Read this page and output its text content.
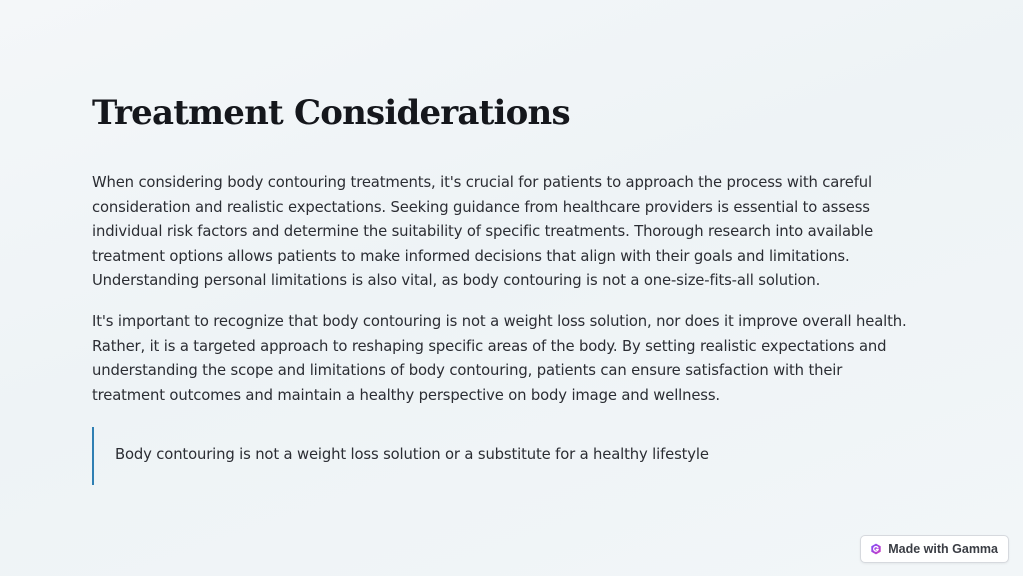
Treatment Considerations

When considering body contouring treatments, it's crucial for patients to approach the process with careful consideration and realistic expectations. Seeking guidance from healthcare providers is essential to assess individual risk factors and determine the suitability of specific treatments. Thorough research into available treatment options allows patients to make informed decisions that align with their goals and limitations. Understanding personal limitations is also vital, as body contouring is not a one-size-fits-all solution.

It's important to recognize that body contouring is not a weight loss solution, nor does it improve overall health. Rather, it is a targeted approach to reshaping specific areas of the body. By setting realistic expectations and understanding the scope and limitations of body contouring, patients can ensure satisfaction with their treatment outcomes and maintain a healthy perspective on body image and wellness.

Body contouring is not a weight loss solution or a substitute for a healthy lifestyle

Made with Gamma
